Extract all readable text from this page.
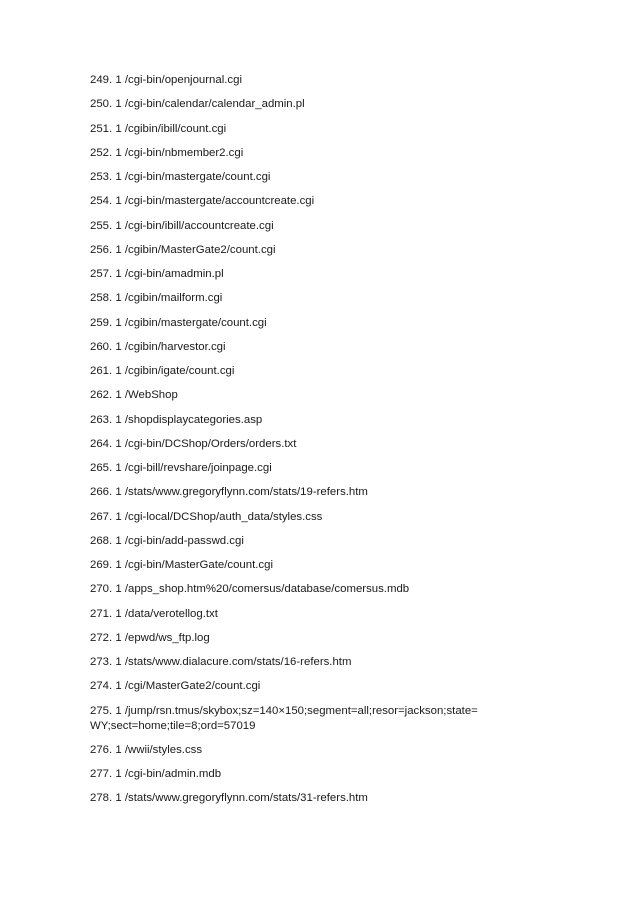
249. 1 /cgi-bin/openjournal.cgi
250. 1 /cgi-bin/calendar/calendar_admin.pl
251. 1 /cgibin/ibill/count.cgi
252. 1 /cgi-bin/nbmember2.cgi
253. 1 /cgi-bin/mastergate/count.cgi
254. 1 /cgi-bin/mastergate/accountcreate.cgi
255. 1 /cgi-bin/ibill/accountcreate.cgi
256. 1 /cgibin/MasterGate2/count.cgi
257. 1 /cgi-bin/amadmin.pl
258. 1 /cgibin/mailform.cgi
259. 1 /cgibin/mastergate/count.cgi
260. 1 /cgibin/harvestor.cgi
261. 1 /cgibin/igate/count.cgi
262. 1 /WebShop
263. 1 /shopdisplaycategories.asp
264. 1 /cgi-bin/DCShop/Orders/orders.txt
265. 1 /cgi-bill/revshare/joinpage.cgi
266. 1 /stats/www.gregoryflynn.com/stats/19-refers.htm
267. 1 /cgi-local/DCShop/auth_data/styles.css
268. 1 /cgi-bin/add-passwd.cgi
269. 1 /cgi-bin/MasterGate/count.cgi
270. 1 /apps_shop.htm%20/comersus/database/comersus.mdb
271. 1 /data/verotellog.txt
272. 1 /epwd/ws_ftp.log
273. 1 /stats/www.dialacure.com/stats/16-refers.htm
274. 1 /cgi/MasterGate2/count.cgi
275. 1 /jump/rsn.tmus/skybox;sz=140×150;segment=all;resor=jackson;state=
WY;sect=home;tile=8;ord=57019
276. 1 /wwii/styles.css
277. 1 /cgi-bin/admin.mdb
278. 1 /stats/www.gregoryflynn.com/stats/31-refers.htm
